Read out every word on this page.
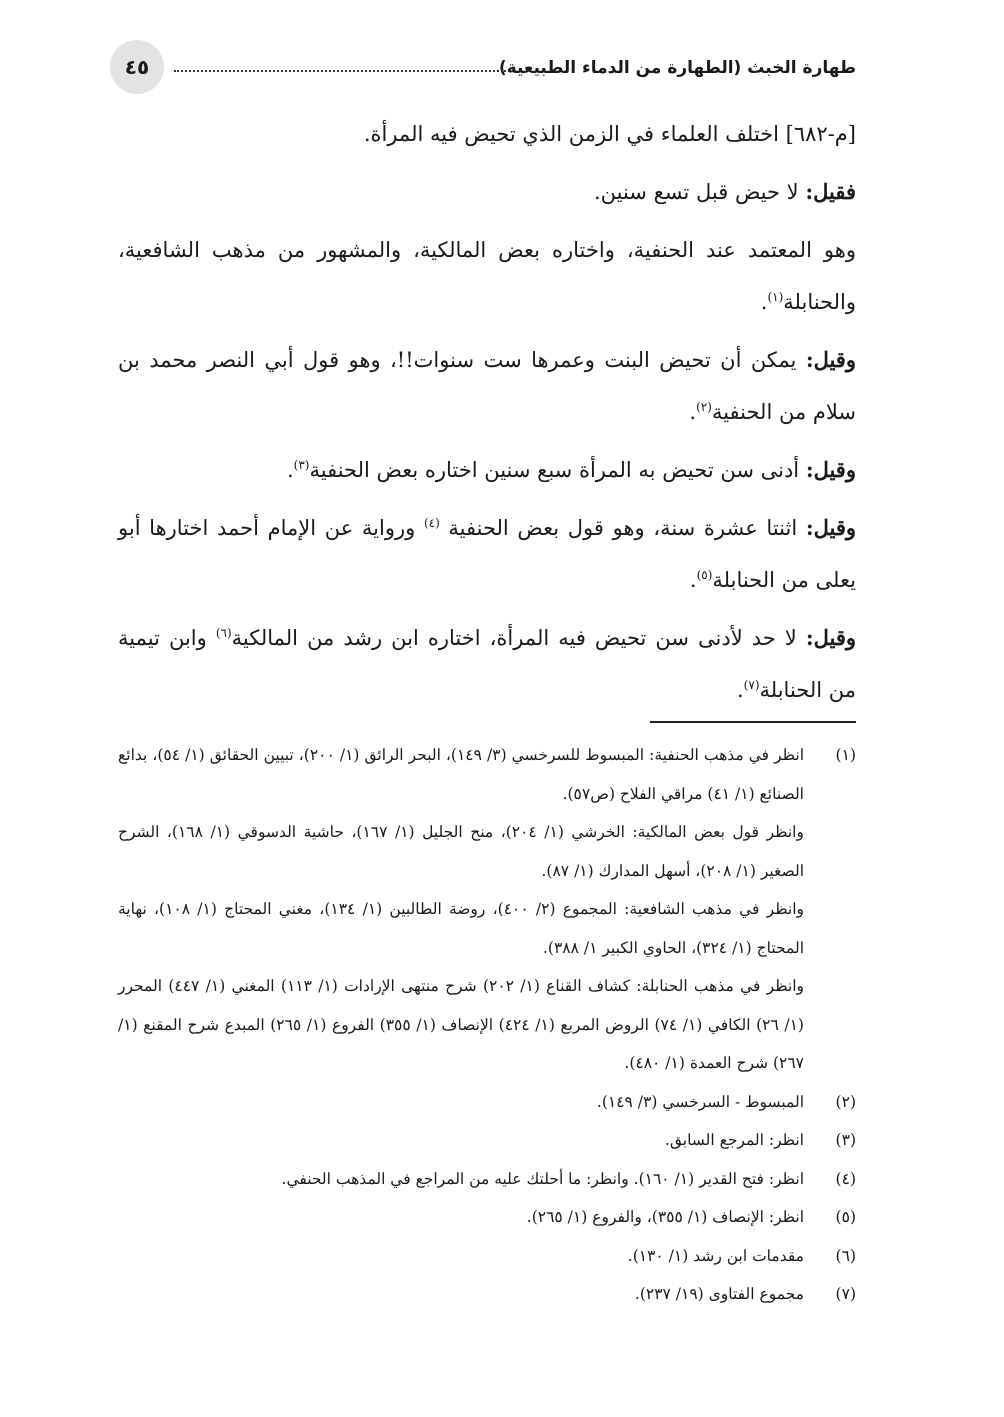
طهارة الخبث (الطهارة من الدماء الطبيعية)
٤٥

[م-٦٨٢] اختلف العلماء في الزمن الذي تحيض فيه المرأة.

فقيل: لا حيض قبل تسع سنين.

وهو المعتمد عند الحنفية، واختاره بعض المالكية، والمشهور من مذهب الشافعية، والحنابلة$^{(١)}$.

وقيل: يمكن أن تحيض البنت وعمرها ست سنوات!!، وهو قول أبي النصر محمد بن سلام من الحنفية$^{(٢)}$.

وقيل: أدنى سن تحيض به المرأة سبع سنين اختاره بعض الحنفية$^{(٣)}$.

وقيل: اثنتا عشرة سنة، وهو قول بعض الحنفية $^{(٤)}$ ورواية عن الإمام أحمد اختارها أبو يعلى من الحنابلة$^{(٥)}$.

وقيل: لا حد لأدنى سن تحيض فيه المرأة، اختاره ابن رشد من المالكية$^{(٦)}$ وابن تيمية من الحنابلة$^{(٧)}$.

(١)

انظر في مذهب الحنفية: المبسوط للسرخسي (٣/ ١٤٩)، البحر الرائق (١/ ٢٠٠)، تبيين الحقائق (١/ ٥٤)، بدائع الصنائع (١/ ٤١) مراقي الفلاح (ص٥٧).

وانظر قول بعض المالكية: الخرشي (١/ ٢٠٤)، منح الجليل (١/ ١٦٧)، حاشية الدسوقي (١/ ١٦٨)، الشرح الصغير (١/ ٢٠٨)، أسهل المدارك (١/ ٨٧).

وانظر في مذهب الشافعية: المجموع (٢/ ٤٠٠)، روضة الطالبين (١/ ١٣٤)، مغني المحتاج (١/ ١٠٨)، نهاية المحتاج (١/ ٣٢٤)، الحاوي الكبير ١/ ٣٨٨).

وانظر في مذهب الحنابلة: كشاف القناع (١/ ٢٠٢) شرح منتهى الإرادات (١/ ١١٣) المغني (١/ ٤٤٧) المحرر (١/ ٢٦) الكافي (١/ ٧٤) الروض المربع (١/ ٤٢٤) الإنصاف (١/ ٣٥٥) الفروع (١/ ٢٦٥) المبدع شرح المقنع (١/ ٢٦٧) شرح العمدة (١/ ٤٨٠).

(٢)

المبسوط - السرخسي (٣/ ١٤٩).

(٣)

انظر: المرجع السابق.

(٤)

انظر: فتح القدير (١/ ١٦٠). وانظر: ما أحلتك عليه من المراجع في المذهب الحنفي.

(٥)

انظر: الإنصاف (١/ ٣٥٥)، والفروع (١/ ٢٦٥).

(٦)

مقدمات ابن رشد (١/ ١٣٠).

(٧)

مجموع الفتاوى (١٩/ ٢٣٧).
